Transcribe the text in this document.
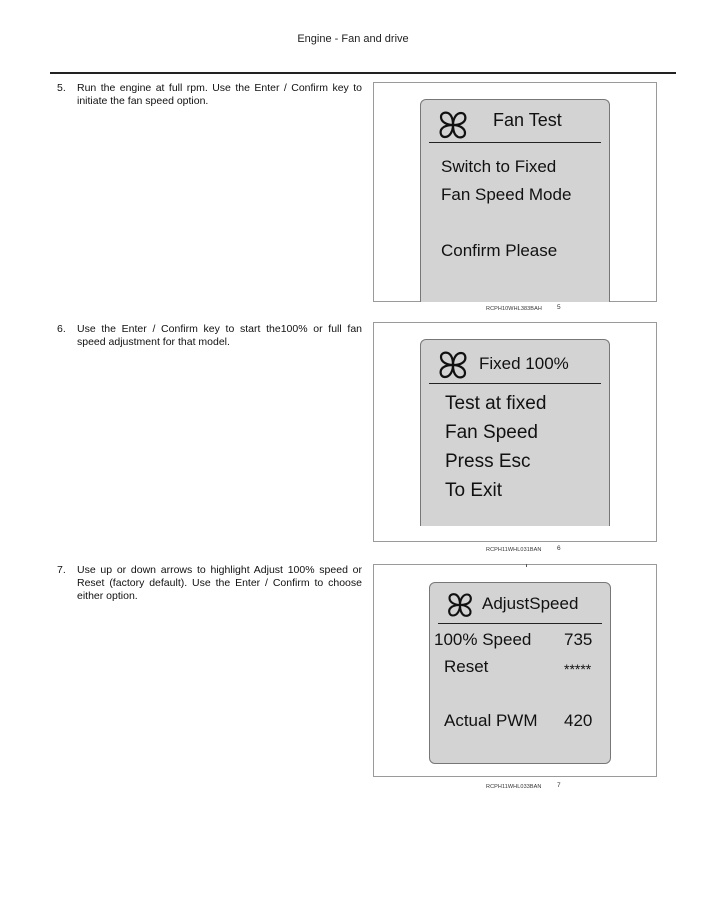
Engine - Fan and drive
5. Run the engine at full rpm. Use the Enter / Confirm key to initiate the fan speed option.
Fan Test
Switch to Fixed
Fan Speed Mode
Confirm Please
RCPH10WHL383BAH 5
6. Use the Enter / Confirm key to start the100% or full fan speed adjustment for that model.
Fixed 100%
Test at fixed
Fan Speed
Press Esc
To Exit
RCPH11WHL031BAN 6
7. Use up or down arrows to highlight Adjust 100% speed or Reset (factory default). Use the Enter / Confirm to choose either option.	AdjustSpeed
100% Speed 735
Reset	*****
Actual PWM 420
RCPH11WHL033BAN 7
